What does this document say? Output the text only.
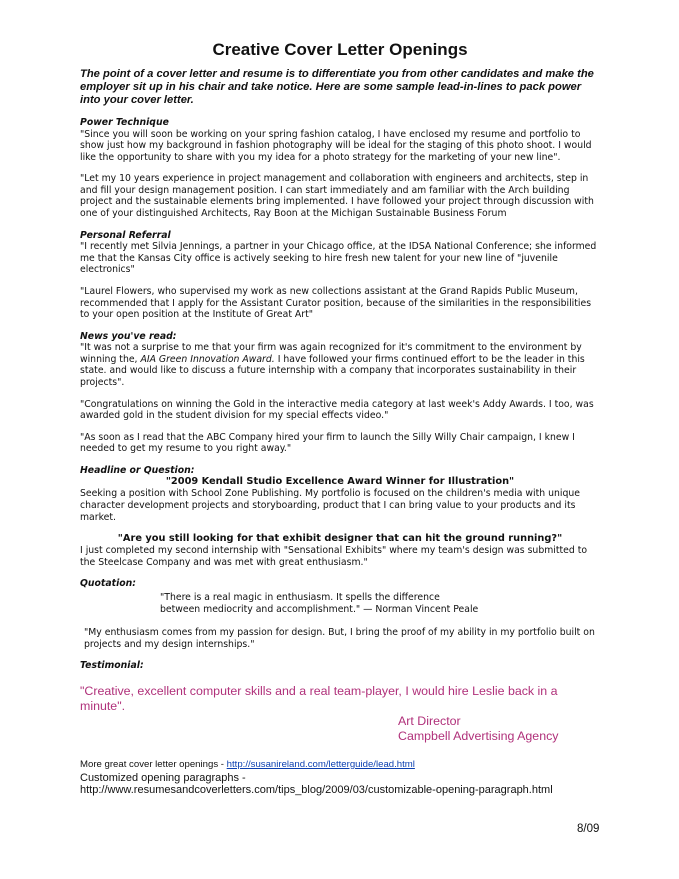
Creative Cover Letter Openings

The point of a cover letter and resume is to differentiate you from other candidates and make the employer sit up in his chair and take notice. Here are some sample lead-in-lines to pack power into your cover letter.

Power Technique

"Since you will soon be working on your spring fashion catalog, I have enclosed my resume and portfolio to show just how my background in fashion photography will be ideal for the staging of this photo shoot. I would like the opportunity to share with you my idea for a photo strategy for the marketing of your new line".

"Let my 10 years experience in project management and collaboration with engineers and architects, step in and fill your design management position. I can start immediately and am familiar with the Arch building project and the sustainable elements bring implemented. I have followed your project through discussion with one of your distinguished Architects, Ray Boon at the Michigan Sustainable Business Forum

Personal Referral

"I recently met Silvia Jennings, a partner in your Chicago office, at the IDSA National Conference; she informed me that the Kansas City office is actively seeking to hire fresh new talent for your new line of "juvenile electronics"

"Laurel Flowers, who supervised my work as new collections assistant at the Grand Rapids Public Museum, recommended that I apply for the Assistant Curator position, because of the similarities in the responsibilities to your open position at the Institute of Great Art"

News you've read:

"It was not a surprise to me that your firm was again recognized for it's commitment to the environment by winning the, AIA Green Innovation Award. I have followed your firms continued effort to be the leader in this state. and would like to discuss a future internship with a company that incorporates sustainability in their projects".

"Congratulations on winning the Gold in the interactive media category at last week's Addy Awards. I too, was awarded gold in the student division for my special effects video."

"As soon as I read that the ABC Company hired your firm to launch the Silly Willy Chair campaign, I knew I needed to get my resume to you right away."

Headline or Question:

"2009 Kendall Studio Excellence Award Winner for Illustration"

Seeking a position with School Zone Publishing. My portfolio is focused on the children's media with unique character development projects and storyboarding, product that I can bring value to your products and its market.

"Are you still looking for that exhibit designer that can hit the ground running?"

I just completed my second internship with "Sensational Exhibits" where my team's design was submitted to the Steelcase Company and was met with great enthusiasm."

Quotation:

"There is a real magic in enthusiasm. It spells the difference
between mediocrity and accomplishment." — Norman Vincent Peale

"My enthusiasm comes from my passion for design. But, I bring the proof of my ability in my portfolio built on projects and my design internships."

Testimonial:

"Creative, excellent computer skills and a real team-player, I would hire Leslie back in a minute".
Art Director
Campbell Advertising Agency
More great cover letter openings - http://susanireland.com/letterguide/lead.html
Customized opening paragraphs -
http://www.resumesandcoverletters.com/tips_blog/2009/03/customizable-opening-paragraph.html
8/09
